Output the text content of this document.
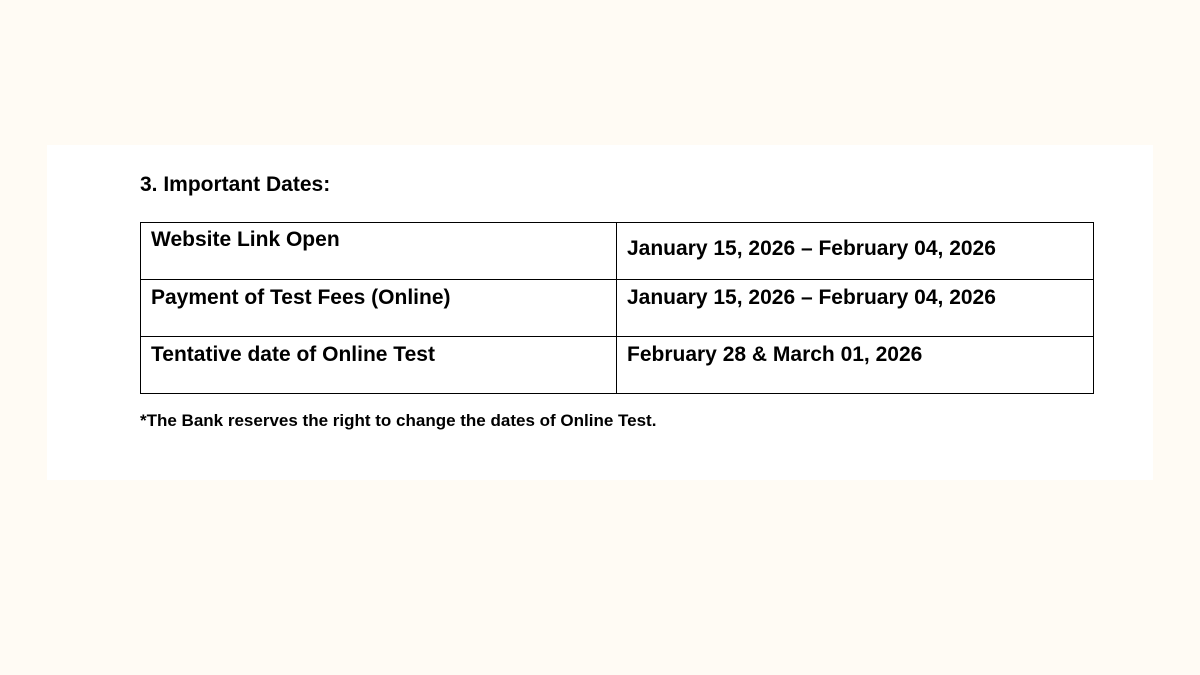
3. Important Dates:
Website Link Open	January 15, 2026 – February 04, 2026
Payment of Test Fees (Online)	January 15, 2026 – February 04, 2026
Tentative date of Online Test	February 28 & March 01, 2026

*The Bank reserves the right to change the dates of Online Test.
